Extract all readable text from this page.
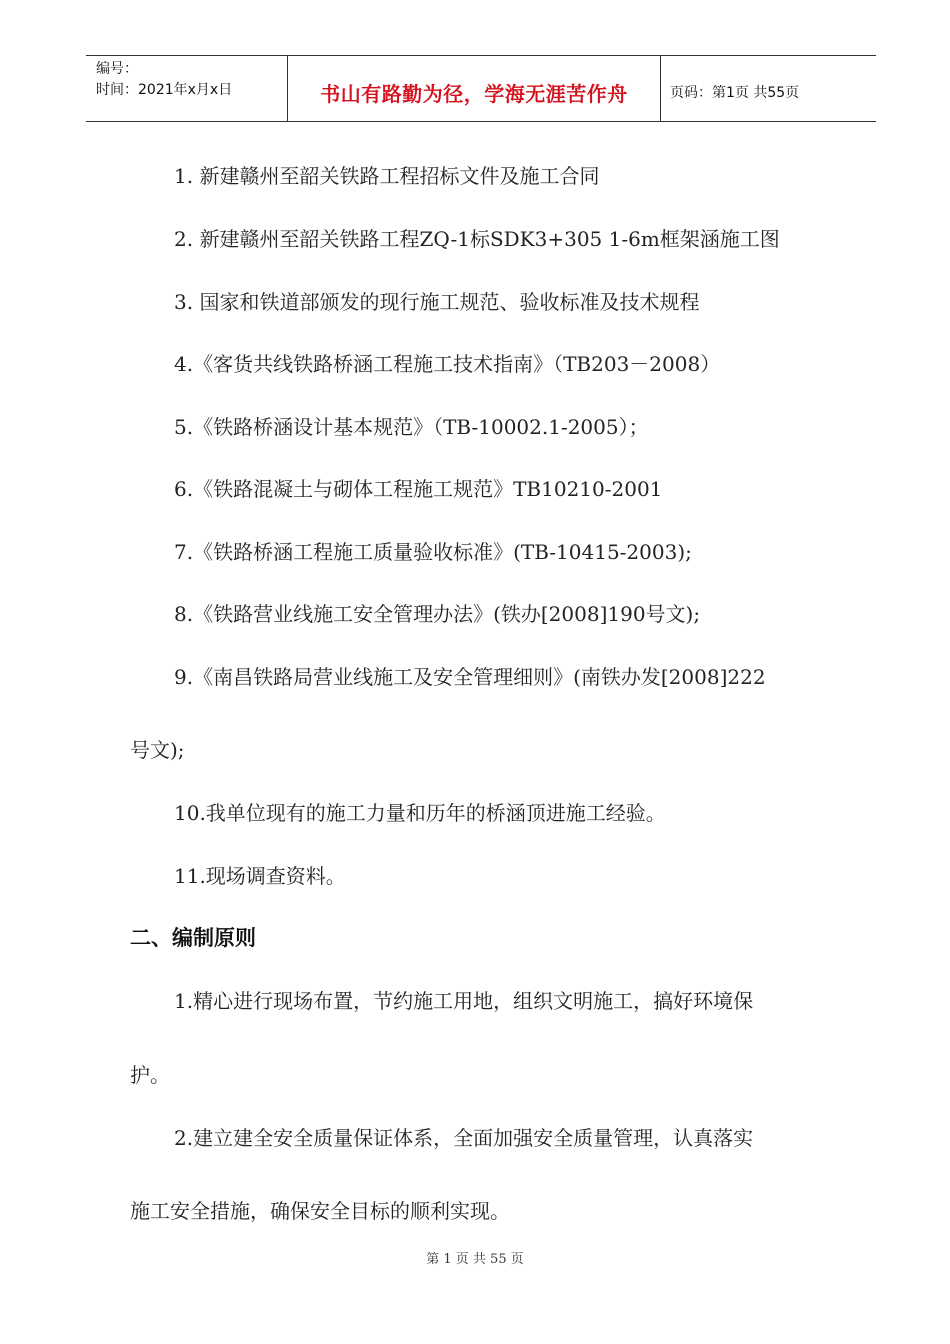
编号：
时间：2021年x月x日	书山有路勤为径，学海无涯苦作舟	页码：第1页 共55页
1. 新建赣州至韶关铁路工程招标文件及施工合同
2. 新建赣州至韶关铁路工程ZQ-1标SDK3+305 1-6m框架涵施工图
3. 国家和铁道部颁发的现行施工规范、验收标准及技术规程
4.《客货共线铁路桥涵工程施工技术指南》（TB203－2008）
5.《铁路桥涵设计基本规范》（TB-10002.1-2005）；
6.《铁路混凝土与砌体工程施工规范》TB10210-2001
7.《铁路桥涵工程施工质量验收标准》(TB-10415-2003);
8.《铁路营业线施工安全管理办法》(铁办[2008]190号文);
9.《南昌铁路局营业线施工及安全管理细则》(南铁办发[2008]222
号文);
10.我单位现有的施工力量和历年的桥涵顶进施工经验。
11.现场调查资料。
二、编制原则
1.精心进行现场布置，节约施工用地，组织文明施工，搞好环境保
护。
2.建立建全安全质量保证体系，全面加强安全质量管理，认真落实
施工安全措施，确保安全目标的顺利实现。
第 1 页 共 55 页
